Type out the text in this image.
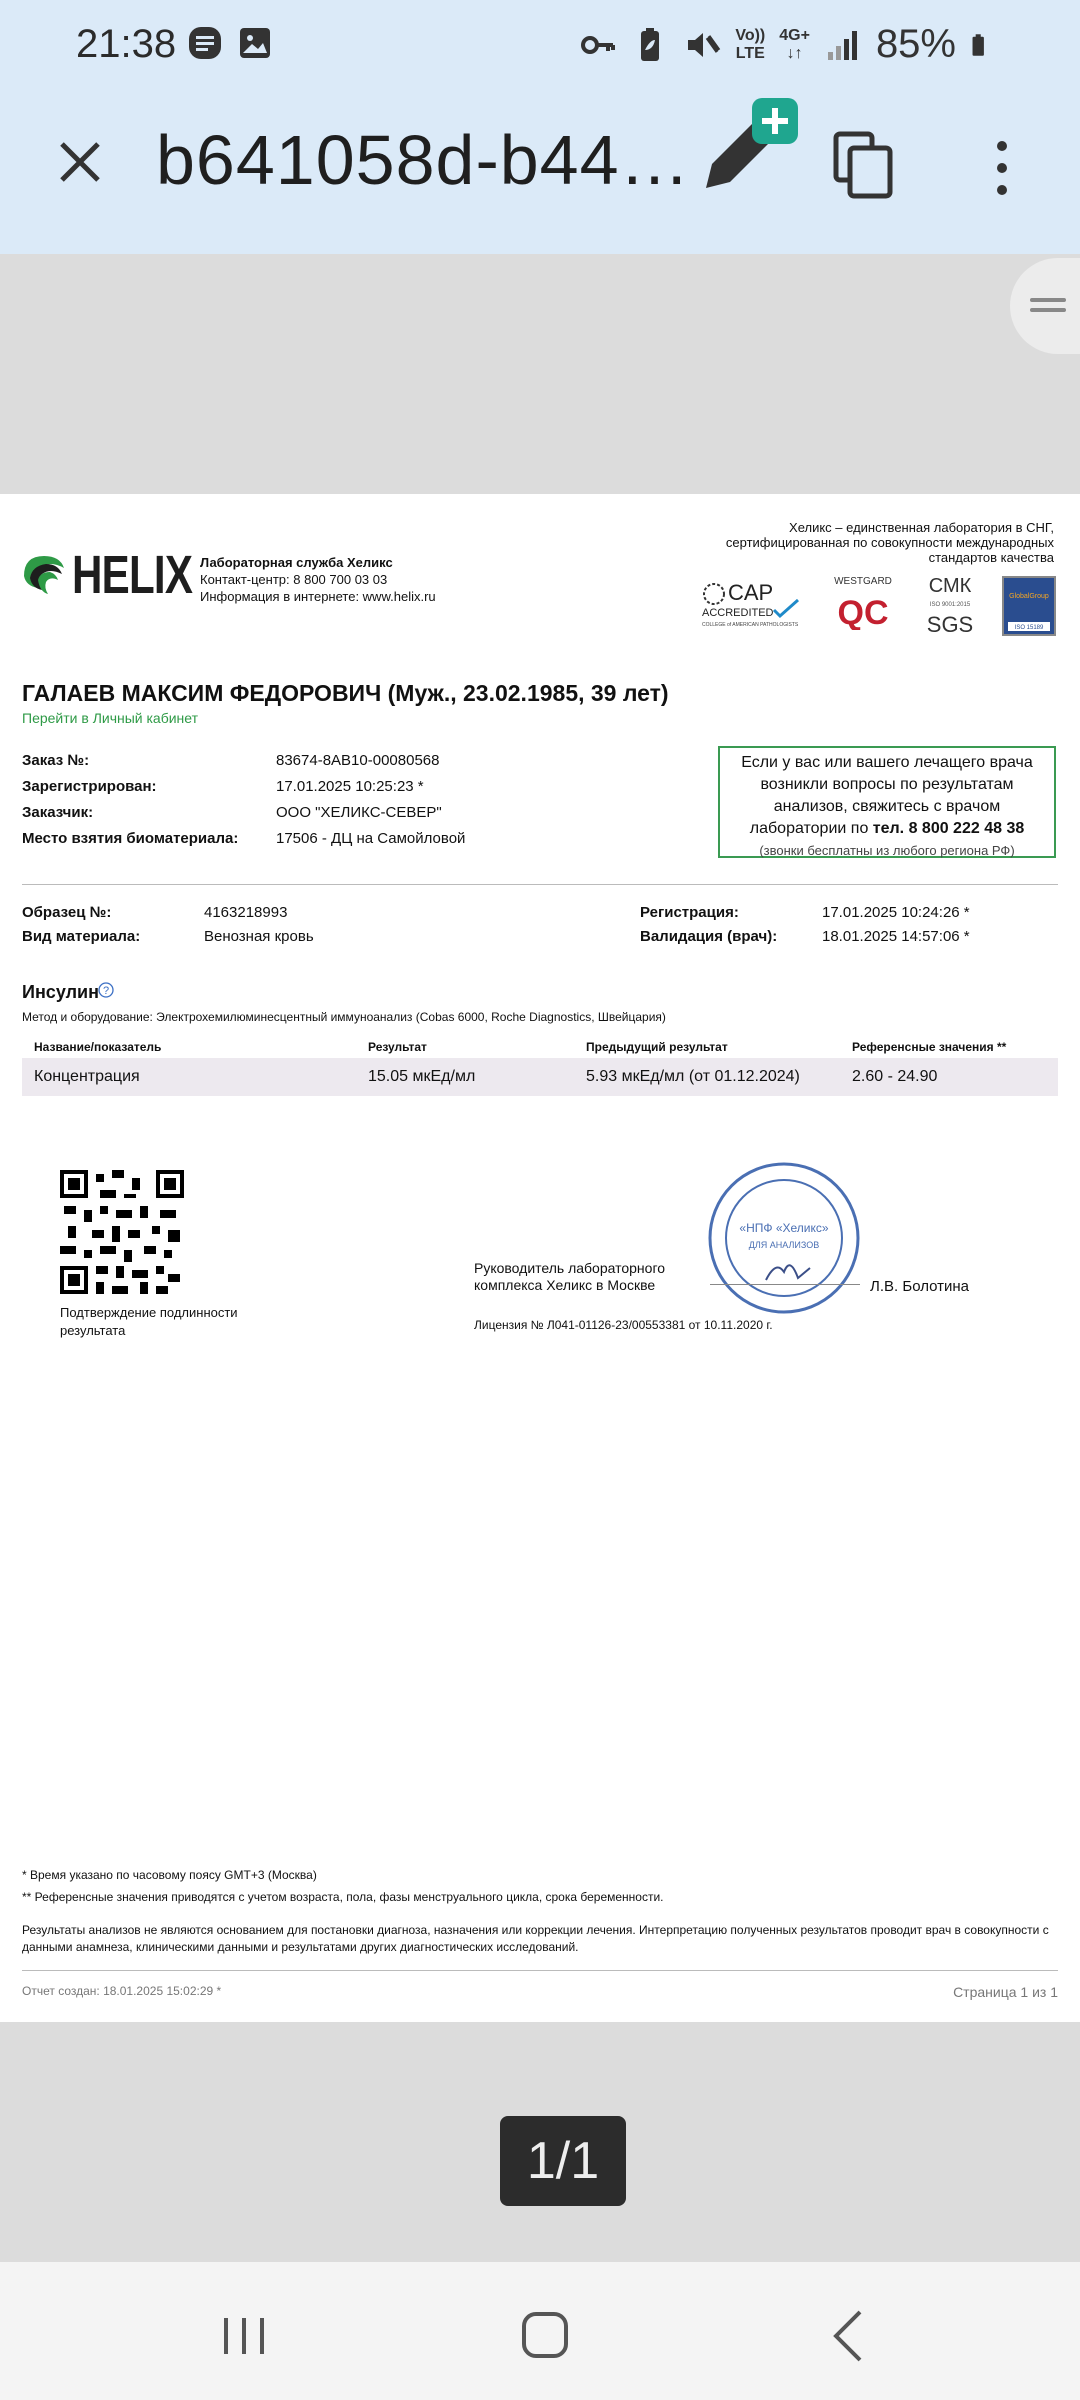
21:38	Vo))
LTE
4G+
↓↑ 85%
b641058d-b44…
HELIX Лабораторная служба Хеликс
Контакт-центр: 8 800 700 03 03
Информация в интернете: www.helix.ru
Хеликс – единственная лаборатория в СНГ,
сертифицированная по совокупности международных
стандартов качества
CAP
ACCREDITED
COLLEGE of AMERICAN PATHOLOGISTS
WESTGARD
QC
СМК
ISO 9001:2015
SGS
GlobalGroup
ISO 15189
ГАЛАЕВ МАКСИМ ФЕДОРОВИЧ (Муж., 23.02.1985, 39 лет)
Перейти в Личный кабинет
Заказ №:	83674-8AB10-00080568
Зарегистрирован:	17.01.2025 10:25:23 *
Заказчик:	ООО "ХЕЛИКС-СЕВЕР"
Место взятия биоматериала:	17506 - ДЦ на Самойловой
Если у вас или вашего лечащего врача
возникли вопросы по результатам
анализов, свяжитесь с врачом
лаборатории по тел. 8 800 222 48 38
(звонки бесплатны из любого региона РФ)
Образец №:	4163218993
Вид материала:	Венозная кровь
Регистрация:	17.01.2025 10:24:26 *
Валидация (врач):	18.01.2025 14:57:06 *
Инсулин ?
Метод и оборудование: Электрохемилюминесцентный иммуноанализ (Cobas 6000, Roche Diagnostics, Швейцария)
Название/показатель	Результат	Предыдущий результат	Референсные значения **
Концентрация	15.05 мкЕд/мл	5.93 мкЕд/мл (от 01.12.2024)	2.60 - 24.90
Подтверждение подлинности результата
Руководитель лабораторного комплекса Хеликс в Москве
«НПФ «Хеликс»
ДЛЯ АНАЛИЗОВ
Л.В. Болотина
Лицензия № Л041-01126-23/00553381 от 10.11.2020 г.
* Время указано по часовому поясу GMT+3 (Москва)
** Референсные значения приводятся с учетом возраста, пола, фазы менструального цикла, срока беременности.
Результаты анализов не являются основанием для постановки диагноза, назначения или коррекции лечения. Интерпретацию полученных результатов проводит врач в совокупности с данными анамнеза, клиническими данными и результатами других диагностических исследований.
Отчет создан: 18.01.2025 15:02:29 *	Страница 1 из 1
1/1
